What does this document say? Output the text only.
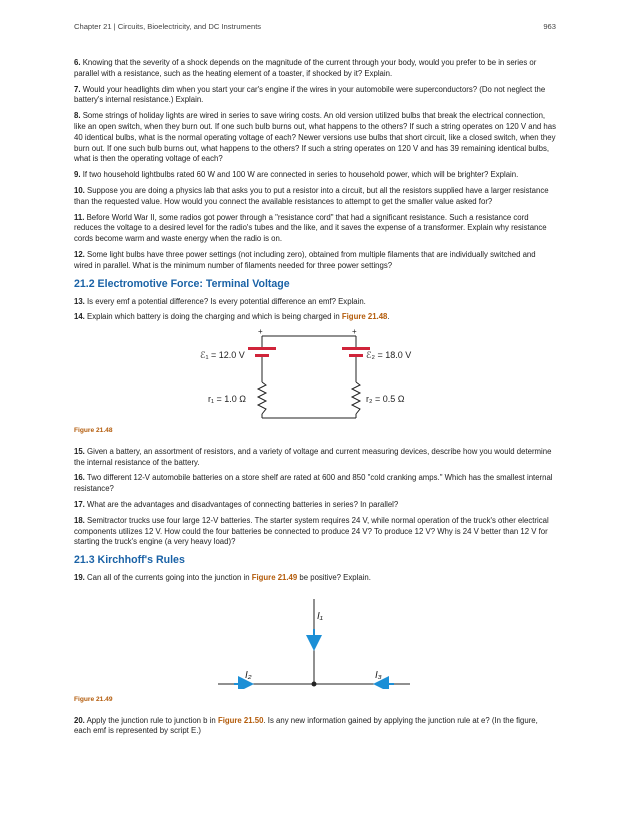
Chapter 21 | Circuits, Bioelectricity, and DC Instruments	963

6. Knowing that the severity of a shock depends on the magnitude of the current through your body, would you prefer to be in series or parallel with a resistance, such as the heating element of a toaster, if shocked by it? Explain.

7. Would your headlights dim when you start your car's engine if the wires in your automobile were superconductors? (Do not neglect the battery's internal resistance.) Explain.

8. Some strings of holiday lights are wired in series to save wiring costs. An old version utilized bulbs that break the electrical connection, like an open switch, when they burn out. If one such bulb burns out, what happens to the others? If such a string operates on 120 V and has 40 identical bulbs, what is the normal operating voltage of each? Newer versions use bulbs that short circuit, like a closed switch, when they burn out. If one such bulb burns out, what happens to the others? If such a string operates on 120 V and has 39 remaining identical bulbs, what is then the operating voltage of each?

9. If two household lightbulbs rated 60 W and 100 W are connected in series to household power, which will be brighter? Explain.

10. Suppose you are doing a physics lab that asks you to put a resistor into a circuit, but all the resistors supplied have a larger resistance than the requested value. How would you connect the available resistances to attempt to get the smaller value asked for?

11. Before World War II, some radios got power through a "resistance cord" that had a significant resistance. Such a resistance cord reduces the voltage to a desired level for the radio's tubes and the like, and it saves the expense of a transformer. Explain why resistance cords become warm and waste energy when the radio is on.

12. Some light bulbs have three power settings (not including zero), obtained from multiple filaments that are individually switched and wired in parallel. What is the minimum number of filaments needed for three power settings?

21.2 Electromotive Force: Terminal Voltage

13. Is every emf a potential difference? Is every potential difference an emf? Explain.

14. Explain which battery is doing the charging and which is being charged in Figure 21.48.

+	+
ℰ₁ = 12.0 V	ℰ₂ = 18.0 V
r₁ = 1.0 Ω	r₂ = 0.5 Ω
Figure 21.48

15. Given a battery, an assortment of resistors, and a variety of voltage and current measuring devices, describe how you would determine the internal resistance of the battery.

16. Two different 12-V automobile batteries on a store shelf are rated at 600 and 850 "cold cranking amps." Which has the smallest internal resistance?

17. What are the advantages and disadvantages of connecting batteries in series? In parallel?

18. Semitractor trucks use four large 12-V batteries. The starter system requires 24 V, while normal operation of the truck's other electrical components utilizes 12 V. How could the four batteries be connected to produce 24 V? To produce 12 V? Why is 24 V better than 12 V for starting the truck's engine (a very heavy load)?

21.3 Kirchhoff's Rules

19. Can all of the currents going into the junction in Figure 21.49 be positive? Explain.

I₁
I₂	I₃
Figure 21.49

20. Apply the junction rule to junction b in Figure 21.50. Is any new information gained by applying the junction rule at e? (In the figure, each emf is represented by script E.)
